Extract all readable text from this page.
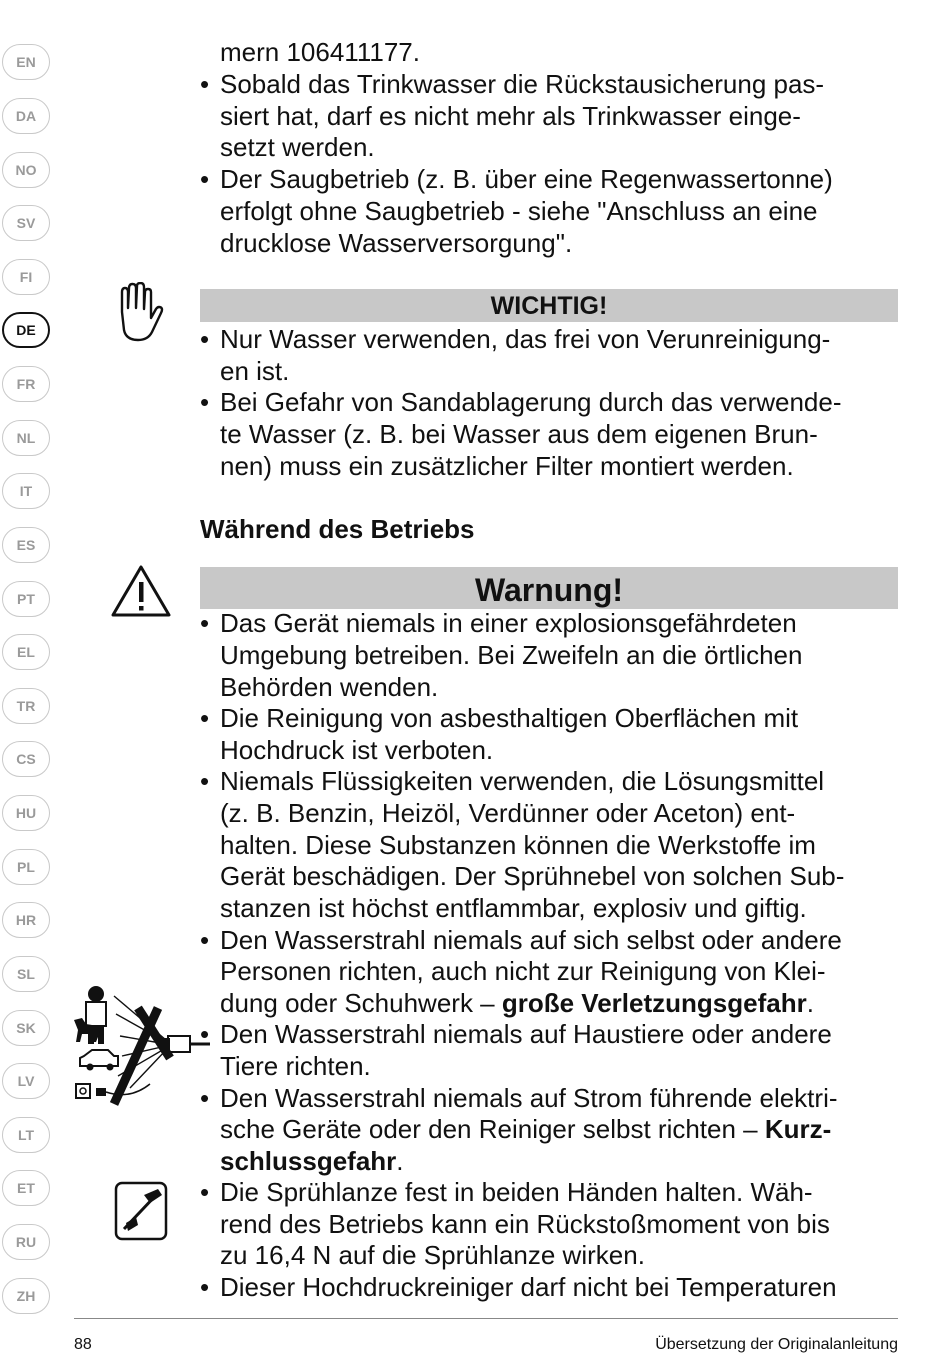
EN
DA
NO
SV
FI
DE
FR
NL
IT
ES
PT
EL
TR
CS
HU
PL
HR
SL
SK
LV
LT
ET
RU
ZH
mern 106411177.
• Sobald das Trinkwasser die Rückstausicherung pas-
siert hat, darf es nicht mehr als Trinkwasser einge-
setzt werden.
• Der Saugbetrieb (z. B. über eine Regenwassertonne)
erfolgt ohne Saugbetrieb - siehe "Anschluss an eine
drucklose Wasserversorgung".
WICHTIG!
• Nur Wasser verwenden, das frei von Verunreinigung-
en ist.
• Bei Gefahr von Sandablagerung durch das verwende-
te Wasser (z. B. bei Wasser aus dem eigenen Brun-
nen) muss ein zusätzlicher Filter montiert werden.
Während des Betriebs
Warnung!
• Das Gerät niemals in einer explosionsgefährdeten
Umgebung betreiben. Bei Zweifeln an die örtlichen
Behörden wenden.
• Die Reinigung von asbesthaltigen Oberflächen mit
Hochdruck ist verboten.
• Niemals Flüssigkeiten verwenden, die Lösungsmittel
(z. B. Benzin, Heizöl, Verdünner oder Aceton) ent-
halten. Diese Substanzen können die Werkstoffe im
Gerät beschädigen. Der Sprühnebel von solchen Sub-
stanzen ist höchst entflammbar, explosiv und giftig.
• Den Wasserstrahl niemals auf sich selbst oder andere
Personen richten, auch nicht zur Reinigung von Klei-
dung oder Schuhwerk – große Verletzungsgefahr.
• Den Wasserstrahl niemals auf Haustiere oder andere
Tiere richten.
• Den Wasserstrahl niemals auf Strom führende elektri-
sche Geräte oder den Reiniger selbst richten – Kurz-
schlussgefahr.
• Die Sprühlanze fest in beiden Händen halten. Wäh-
rend des Betriebs kann ein Rückstoßmoment von bis
zu 16,4 N auf die Sprühlanze wirken.
• Dieser Hochdruckreiniger darf nicht bei Temperaturen
88	Übersetzung der Originalanleitung
